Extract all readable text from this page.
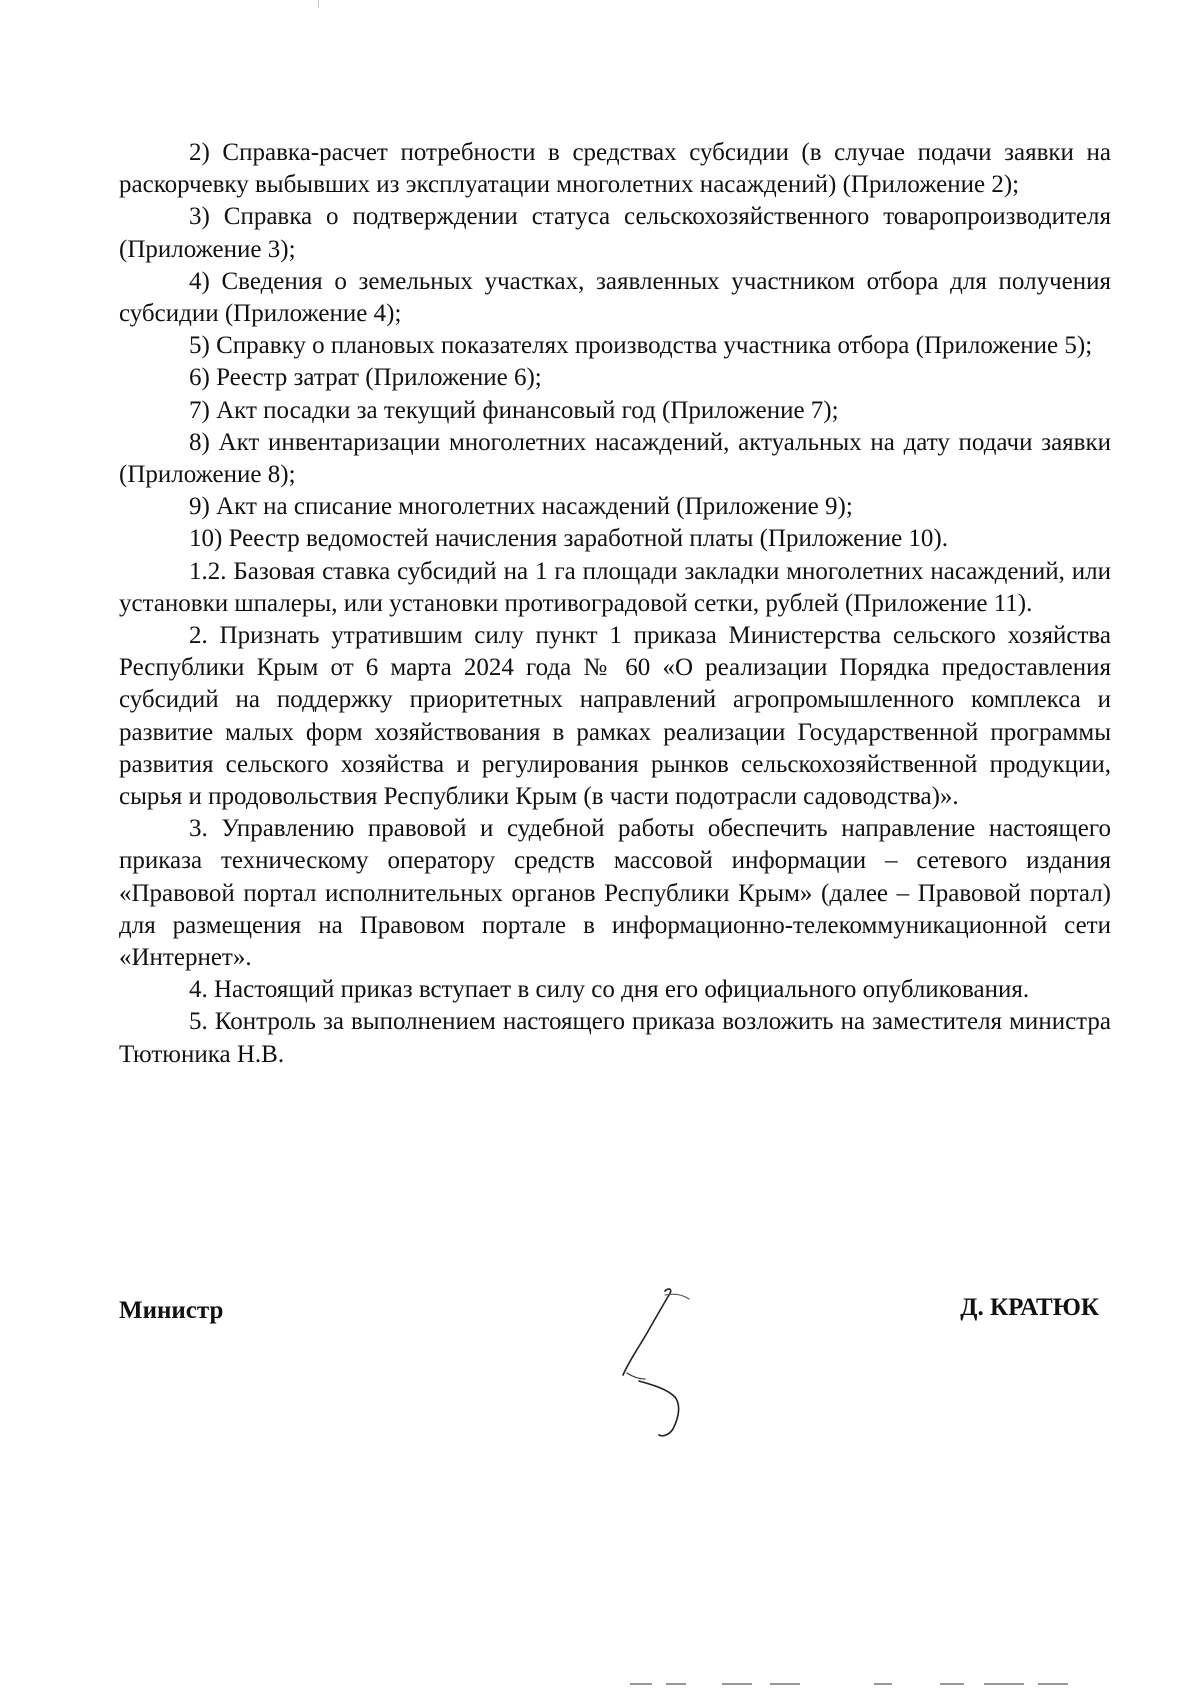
2) Справка-расчет потребности в средствах субсидии (в случае подачи заявки на раскорчевку выбывших из эксплуатации многолетних насаждений) (Приложение 2);

3) Справка о подтверждении статуса сельскохозяйственного товаропроизводителя (Приложение 3);

4) Сведения о земельных участках, заявленных участником отбора для получения субсидии (Приложение 4);

5) Справку о плановых показателях производства участника отбора (Приложение 5);

6) Реестр затрат (Приложение 6);

7) Акт посадки за текущий финансовый год (Приложение 7);

8) Акт инвентаризации многолетних насаждений, актуальных на дату подачи заявки (Приложение 8);

9) Акт на списание многолетних насаждений (Приложение 9);

10) Реестр ведомостей начисления заработной платы (Приложение 10).

1.2. Базовая ставка субсидий на 1 га площади закладки многолетних насаждений, или установки шпалеры, или установки противоградовой сетки, рублей (Приложение 11).

2. Признать утратившим силу пункт 1 приказа Министерства сельского хозяйства Республики Крым от 6 марта 2024 года № 60 «О реализации Порядка предоставления субсидий на поддержку приоритетных направлений агропромышленного комплекса и развитие малых форм хозяйствования в рамках реализации Государственной программы развития сельского хозяйства и регулирования рынков сельскохозяйственной продукции, сырья и продовольствия Республики Крым (в части подотрасли садоводства)».

3. Управлению правовой и судебной работы обеспечить направление настоящего приказа техническому оператору средств массовой информации – сетевого издания «Правовой портал исполнительных органов Республики Крым» (далее – Правовой портал) для размещения на Правовом портале в информационно-телекоммуникационной сети «Интернет».

4. Настоящий приказ вступает в силу со дня его официального опубликования.

5. Контроль за выполнением настоящего приказа возложить на заместителя министра Тютюника Н.В.

Министр	Д. КРАТЮК
